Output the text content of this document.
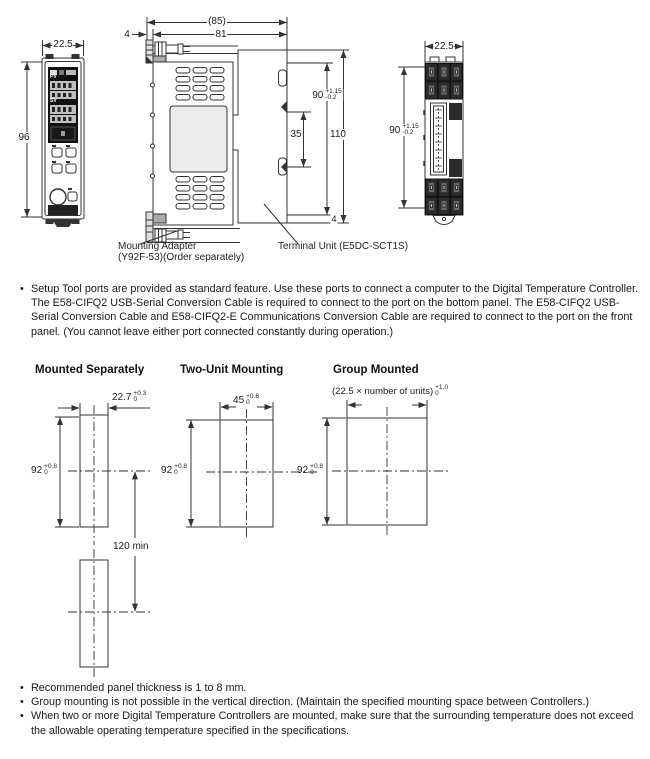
PV
SV
22.5
96
(85)
81
4
90 +1.15
-0.2
35	110
4
22.5
90 +1.15
-0.2
Mounting Adapter
(Y92F-53)(Order separately)
Terminal Unit (E5DC-SCT1S)
• Setup Tool ports are provided as standard feature. Use these ports to connect a computer to the Digital Temperature Controller. The E58-CIFQ2 USB-Serial Conversion Cable is required to connect to the port on the bottom panel. The E58-CIFQ2 USB-Serial Conversion Cable and E58-CIFQ2-E Communications Conversion Cable are required to connect to the port on the front panel. (You cannot leave either port connected constantly during operation.)
Mounted Separately	Two-Unit Mounting	Group Mounted
22.7 +0.3
0
92 +0.8
0
120 min
45 +0.6
0
92 +0.8
0
(22.5 × number of units) +1.0
0
92 +0.8
0
• Recommended panel thickness is 1 to 8 mm.
• Group mounting is not possible in the vertical direction. (Maintain the specified mounting space between Controllers.)
• When two or more Digital Temperature Controllers are mounted, make sure that the surrounding temperature does not exceed the allowable operating temperature specified in the specifications.
